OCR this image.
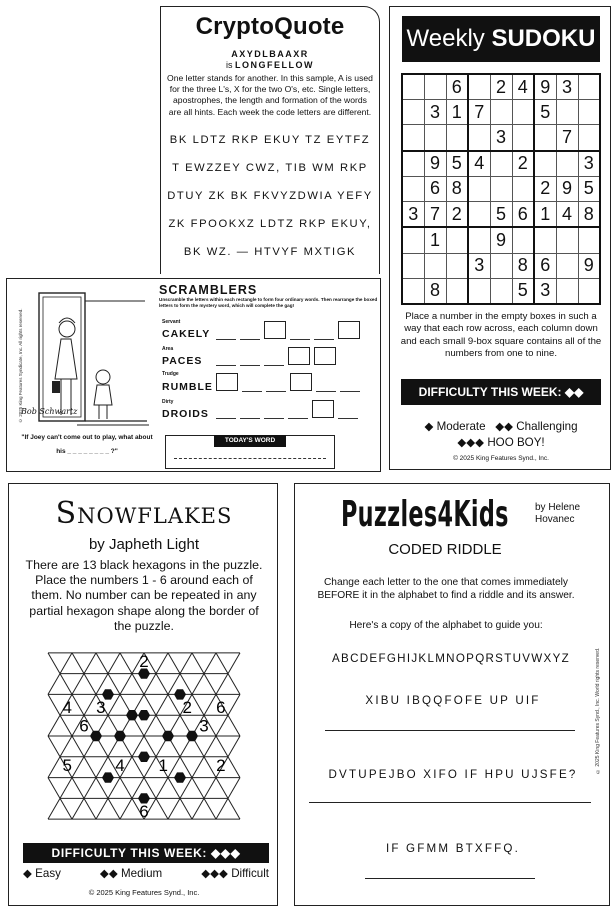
CryptoQuote
AXYDLBAAXR
is LONGFELLOW
One letter stands for another. In this sample, A is used for the three L's, X for the two O's, etc. Single letters, apostrophes, the length and formation of the words are all hints. Each week the code letters are different.
BK LDTZ RKP EKUY TZ EYTFZ
T EWZZEY CWZ, TIB WM RKP
DTUY ZK BK FKVYZDWIA YEFY
ZK FPOOKXZ LDTZ RKP EKUY,
BK WZ. — HTVYF MXTIGK
Weekly SUDOKU
		6		2	4	9	3	
	3	1	7			5		
				3			7	
	9	5	4		2			3
	6	8				2	9	5
3	7	2		5	6	1	4	8
	1			9				
			3		8	6		9
	8				5	3		
Place a number in the empty boxes in such a way that each row across, each column down and each small 9-box square contains all of the numbers from one to nine.
DIFFICULTY THIS WEEK: ◆◆
◆ Moderate ◆◆ Challenging
◆◆◆ HOO BOY!
© 2025 King Features Synd., Inc.
© 2025 King Features Syndicate, Inc. All rights reserved.
Bob Schwartz
"If Joey can't come out to play, what about
his _ _ _ _ _ _ _ _ ?"
SCRAMBLERS
Unscramble the letters within each rectangle to form four ordinary words. Then rearrange the boxed letters to form the mystery word, which will complete the gag!
Servant
CAKELY
Area
PACES
Trudge
RUMBLE
Dirty
DROIDS
TODAY'S WORD
Snowflakes
by Japheth Light
There are 13 black hexagons in the puzzle. Place the numbers 1 - 6 around each of them. No number can be repeated in any partial hexagon shape along the border of the puzzle.
2
4 3	2 6
6	3
5	4 1	2
6
DIFFICULTY THIS WEEK: ◆◆◆
◆ Easy	◆◆ Medium	◆◆◆ Difficult
© 2025 King Features Synd., Inc.
Puzzles4Kids	by Helene
Hovanec
CODED RIDDLE
Change each letter to the one that comes immediately BEFORE it in the alphabet to find a riddle and its answer.
Here's a copy of the alphabet to guide you:
ABCDEFGHIJKLMNOPQRSTUVWXYZ
XIBU IBQQFOFE UP UIF
DVTUPEJBO XIFO IF HPU UJSFE?
IF GFMM BTXFFQ.
© 2025 King Features Synd., Inc. World rights reserved.
